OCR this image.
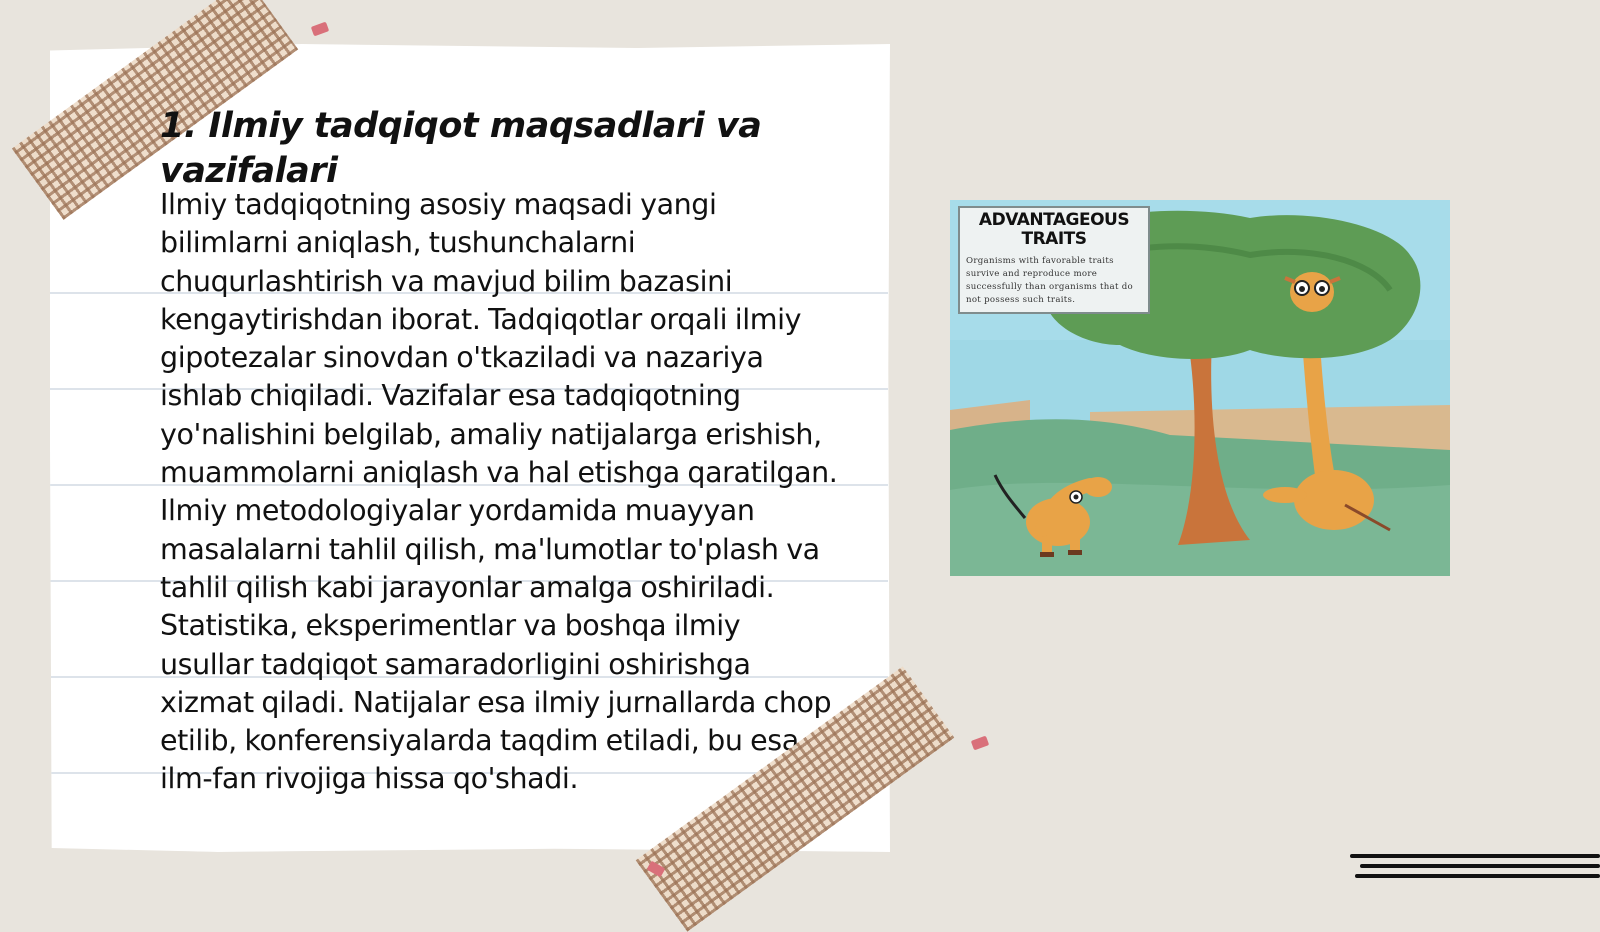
1. Ilmiy tadqiqot maqsadlari va vazifalari

Ilmiy tadqiqotning asosiy maqsadi yangi bilimlarni aniqlash, tushunchalarni chuqurlashtirish va mavjud bilim bazasini kengaytirishdan iborat. Tadqiqotlar orqali ilmiy gipotezalar sinovdan o'tkaziladi va nazariya ishlab chiqiladi. Vazifalar esa tadqiqotning yo'nalishini belgilab, amaliy natijalarga erishish, muammolarni aniqlash va hal etishga qaratilgan. Ilmiy metodologiyalar yordamida muayyan masalalarni tahlil qilish, ma'lumotlar to'plash va tahlil qilish kabi jarayonlar amalga oshiriladi. Statistika, eksperimentlar va boshqa ilmiy usullar tadqiqot samaradorligini oshirishga xizmat qiladi. Natijalar esa ilmiy jurnallarda chop etilib, konferensiyalarda taqdim etiladi, bu esa ilm-fan rivojiga hissa qo'shadi.

ADVANTAGEOUS TRAITS
Organisms with favorable traits survive and reproduce more successfully than organisms that do not possess such traits.
